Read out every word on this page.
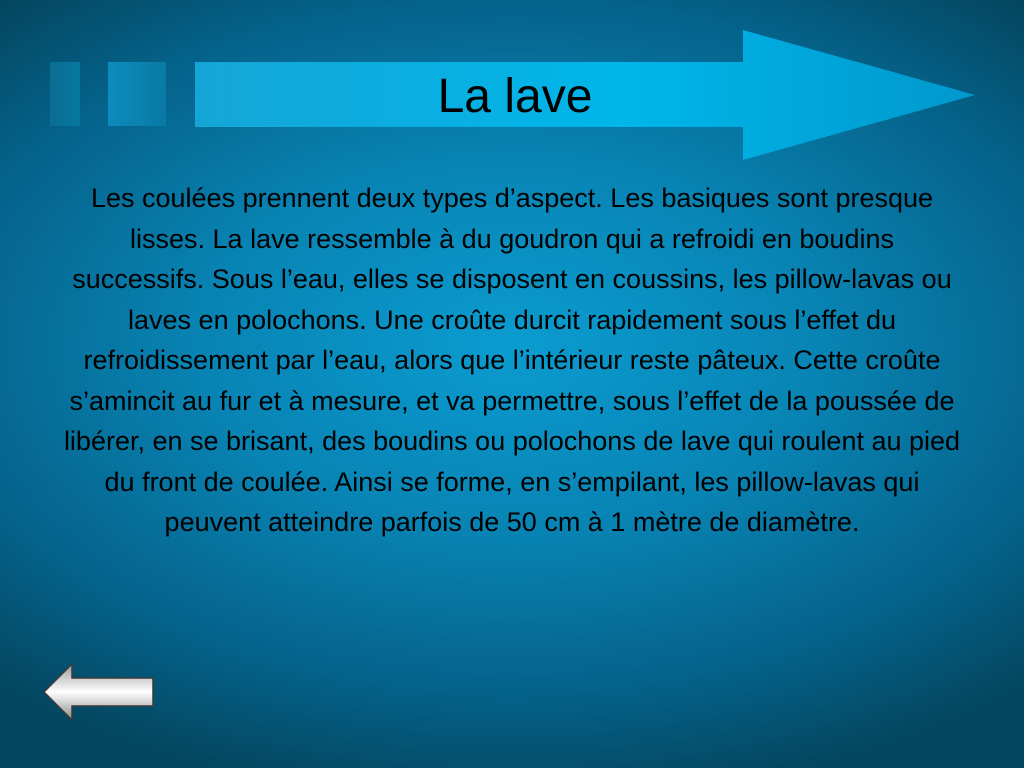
La lave

Les coulées prennent deux types d’aspect. Les basiques sont presque lisses. La lave ressemble à du goudron qui a refroidi en boudins successifs. Sous l’eau, elles se disposent en coussins, les pillow-lavas ou laves en polochons. Une croûte durcit rapidement sous l’effet du refroidissement par l’eau, alors que l’intérieur reste pâteux. Cette croûte s’amincit au fur et à mesure, et va permettre, sous l’effet de la poussée de libérer, en se brisant, des boudins ou polochons de lave qui roulent au pied du front de coulée. Ainsi se forme, en s’empilant, les pillow-lavas qui peuvent atteindre parfois de 50 cm à 1 mètre de diamètre.
